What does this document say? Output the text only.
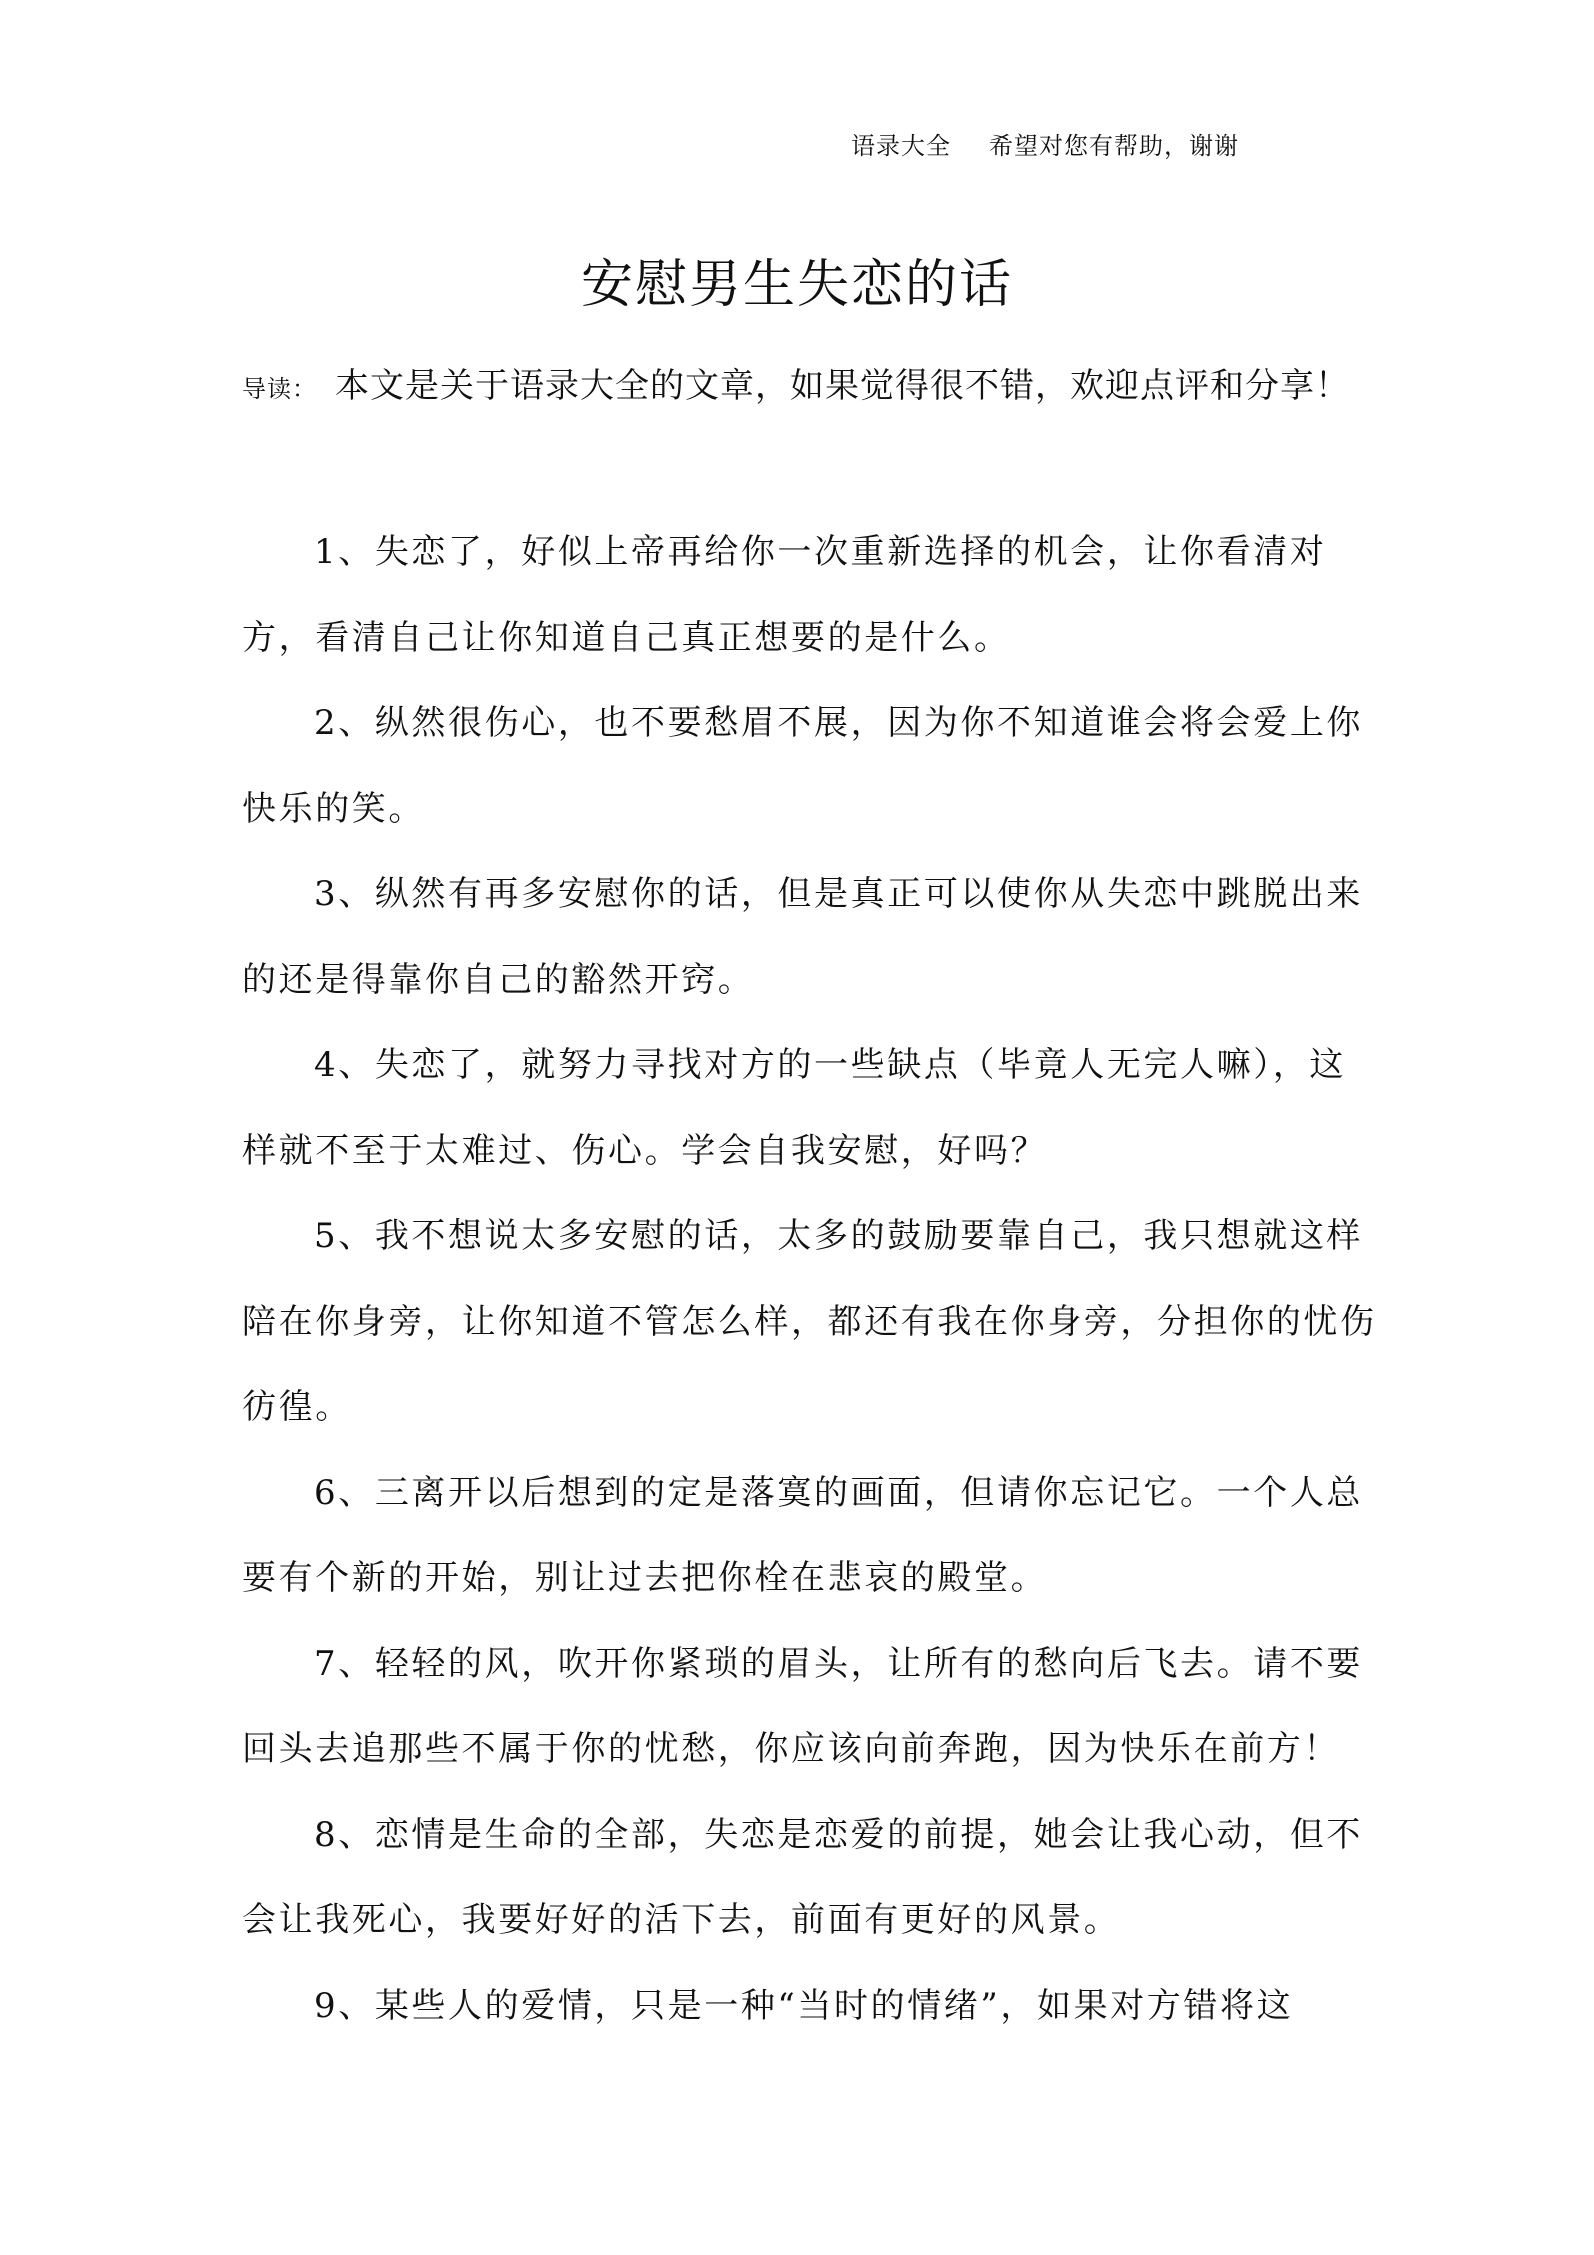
语录大全 希望对您有帮助，谢谢
安慰男生失恋的话
导读： 本文是关于语录大全的文章，如果觉得很不错，欢迎点评和分享！

1、失恋了，好似上帝再给你一次重新选择的机会，让你看清对方，看清自己让你知道自己真正想要的是什么。

2、纵然很伤心，也不要愁眉不展，因为你不知道谁会将会爱上你快乐的笑。

3、纵然有再多安慰你的话，但是真正可以使你从失恋中跳脱出来的还是得靠你自己的豁然开窍。

4、失恋了，就努力寻找对方的一些缺点（毕竟人无完人嘛），这样就不至于太难过、伤心。学会自我安慰，好吗？

5、我不想说太多安慰的话，太多的鼓励要靠自己，我只想就这样陪在你身旁，让你知道不管怎么样，都还有我在你身旁，分担你的忧伤彷徨。

6、三离开以后想到的定是落寞的画面，但请你忘记它。一个人总要有个新的开始，别让过去把你栓在悲哀的殿堂。

7、轻轻的风，吹开你紧琐的眉头，让所有的愁向后飞去。请不要回头去追那些不属于你的忧愁，你应该向前奔跑，因为快乐在前方！

8、恋情是生命的全部，失恋是恋爱的前提，她会让我心动，但不会让我死心，我要好好的活下去，前面有更好的风景。

9、某些人的爱情，只是一种“当时的情绪”，如果对方错将这
